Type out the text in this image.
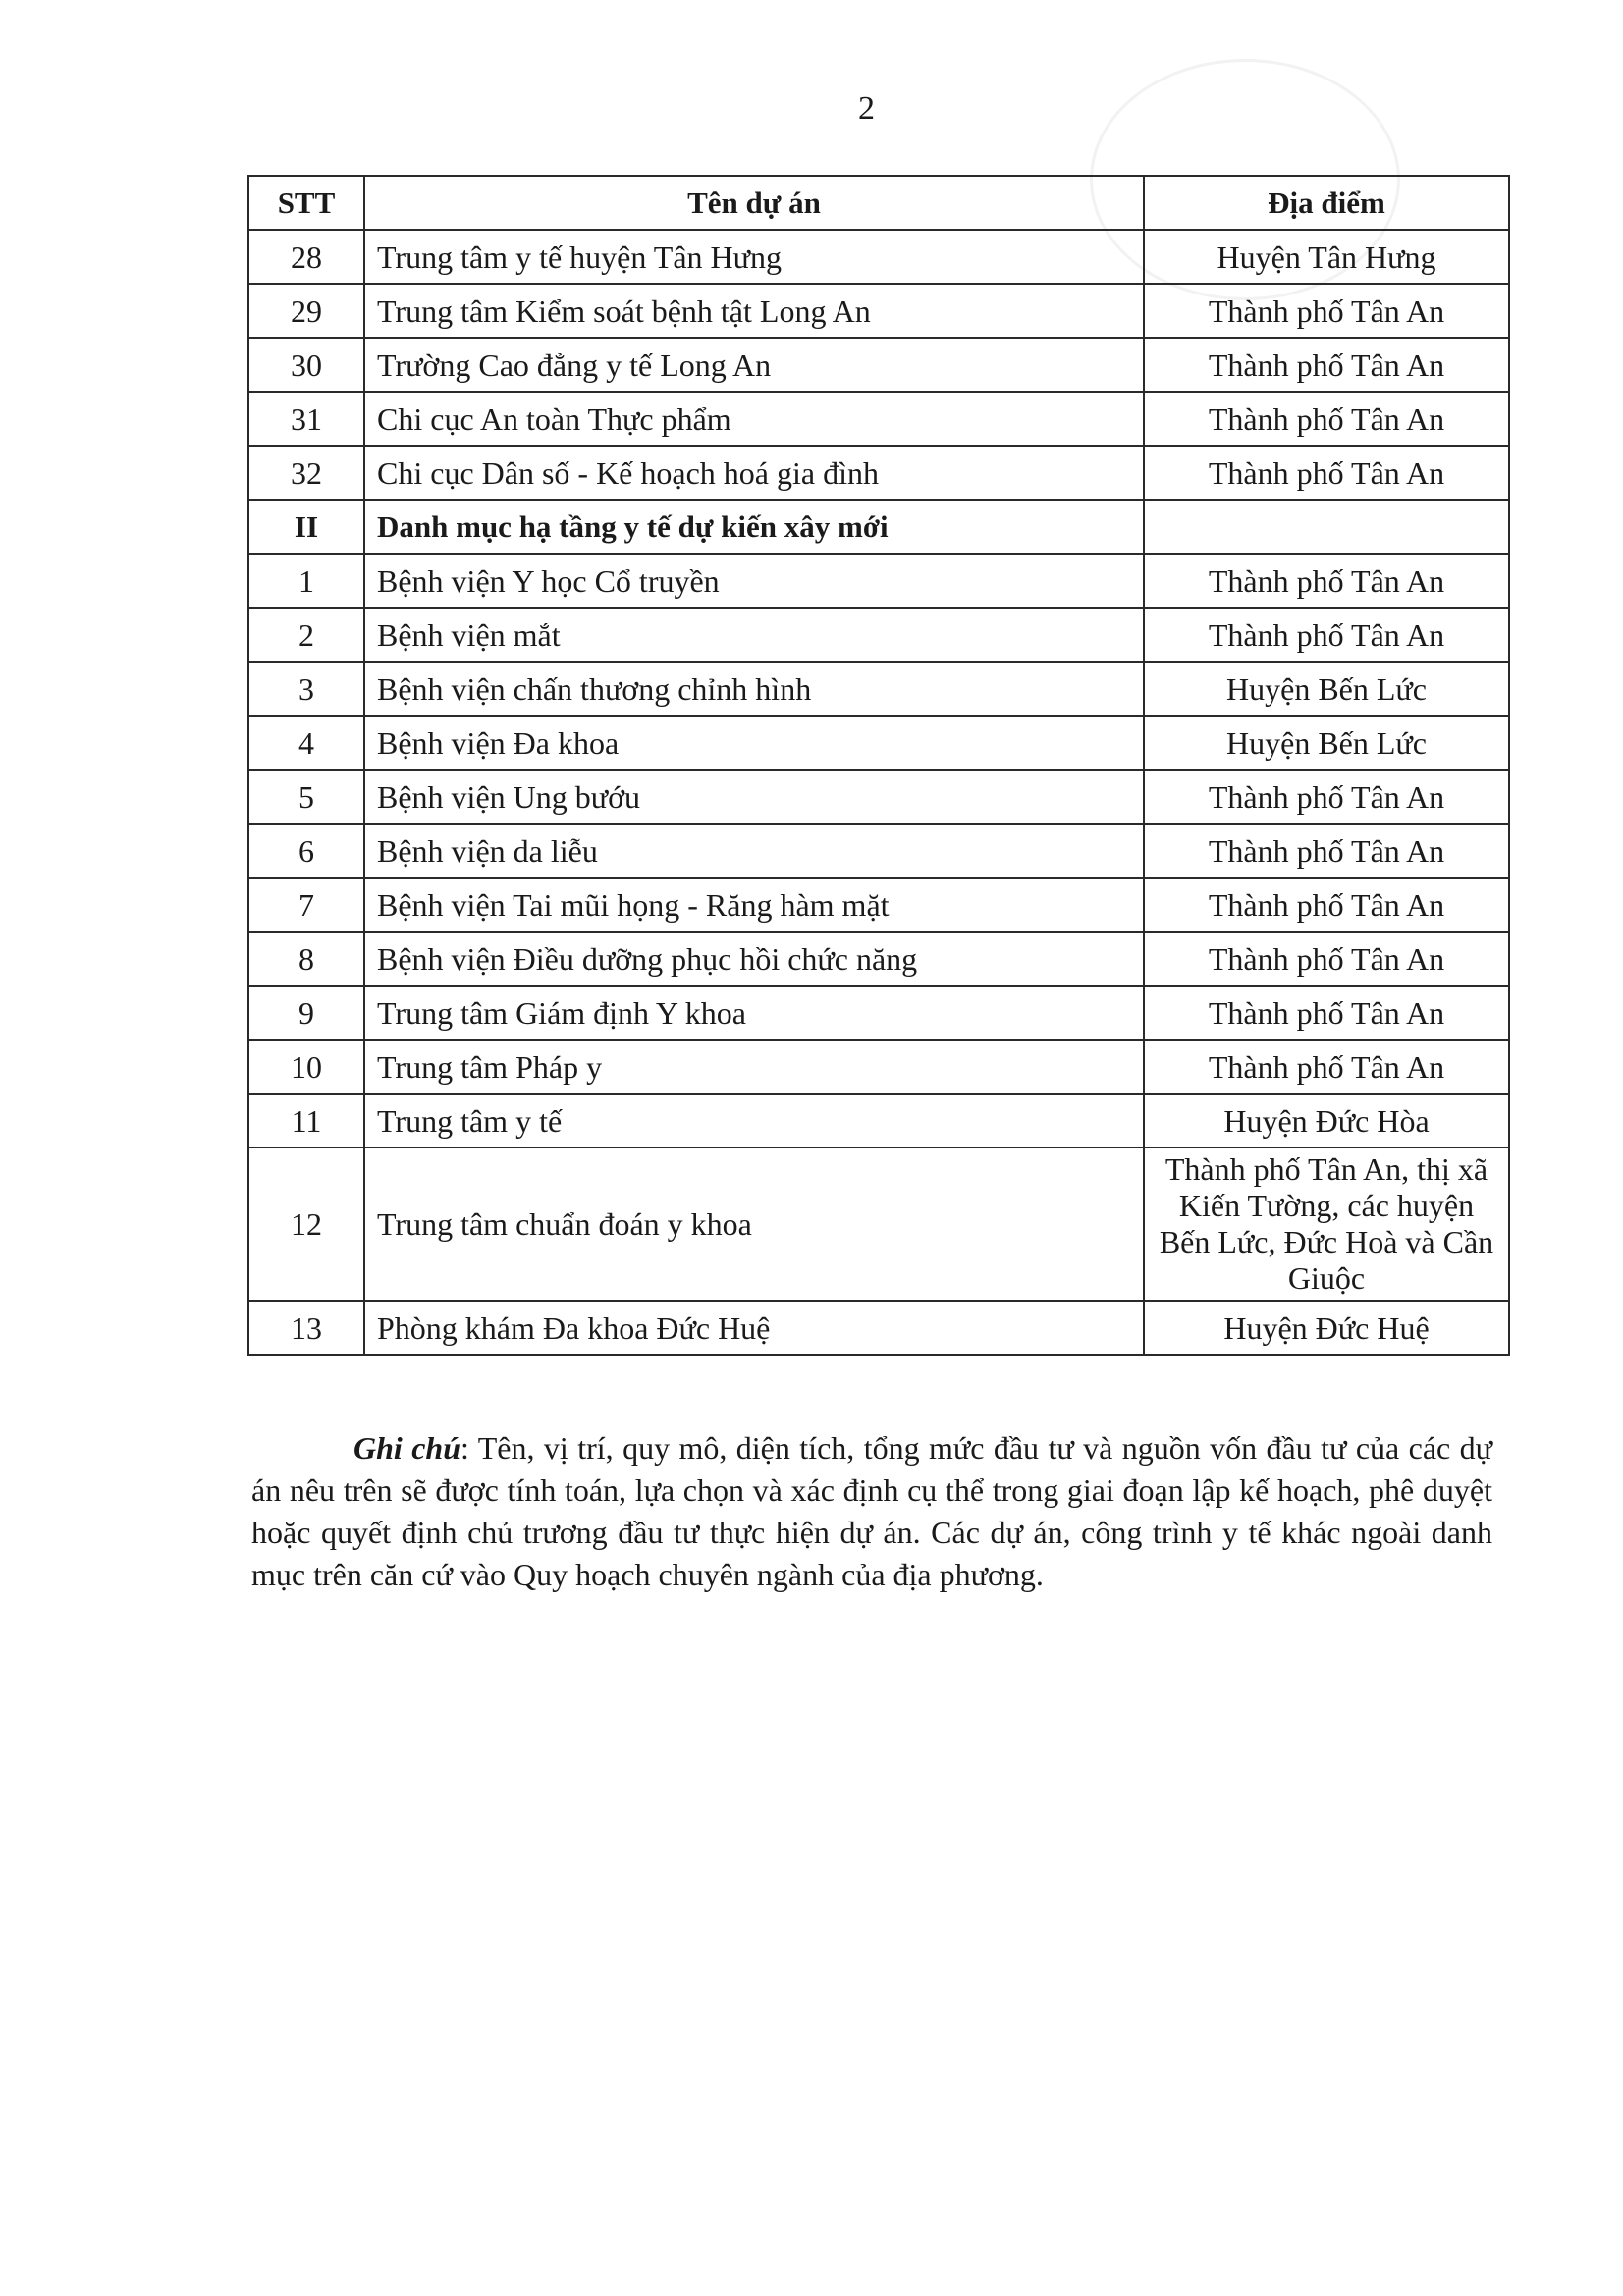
2
STT	Tên dự án	Địa điểm
28	Trung tâm y tế huyện Tân Hưng	Huyện Tân Hưng
29	Trung tâm Kiểm soát bệnh tật Long An	Thành phố Tân An
30	Trường Cao đẳng y tế Long An	Thành phố Tân An
31	Chi cục An toàn Thực phẩm	Thành phố Tân An
32	Chi cục Dân số - Kế hoạch hoá gia đình	Thành phố Tân An
II	Danh mục hạ tầng y tế dự kiến xây mới	
1	Bệnh viện Y học Cổ truyền	Thành phố Tân An
2	Bệnh viện mắt	Thành phố Tân An
3	Bệnh viện chấn thương chỉnh hình	Huyện Bến Lức
4	Bệnh viện Đa khoa	Huyện Bến Lức
5	Bệnh viện Ung bướu	Thành phố Tân An
6	Bệnh viện da liễu	Thành phố Tân An
7	Bệnh viện Tai mũi họng - Răng hàm mặt	Thành phố Tân An
8	Bệnh viện Điều dưỡng phục hồi chức năng	Thành phố Tân An
9	Trung tâm Giám định Y khoa	Thành phố Tân An
10	Trung tâm Pháp y	Thành phố Tân An
11	Trung tâm y tế	Huyện Đức Hòa
12	Trung tâm chuẩn đoán y khoa	Thành phố Tân An, thị xã Kiến Tường, các huyện Bến Lức, Đức Hoà và Cần Giuộc
13	Phòng khám Đa khoa Đức Huệ	Huyện Đức Huệ
Ghi chú: Tên, vị trí, quy mô, diện tích, tổng mức đầu tư và nguồn vốn đầu tư của các dự án nêu trên sẽ được tính toán, lựa chọn và xác định cụ thể trong giai đoạn lập kế hoạch, phê duyệt hoặc quyết định chủ trương đầu tư thực hiện dự án. Các dự án, công trình y tế khác ngoài danh mục trên căn cứ vào Quy hoạch chuyên ngành của địa phương.
